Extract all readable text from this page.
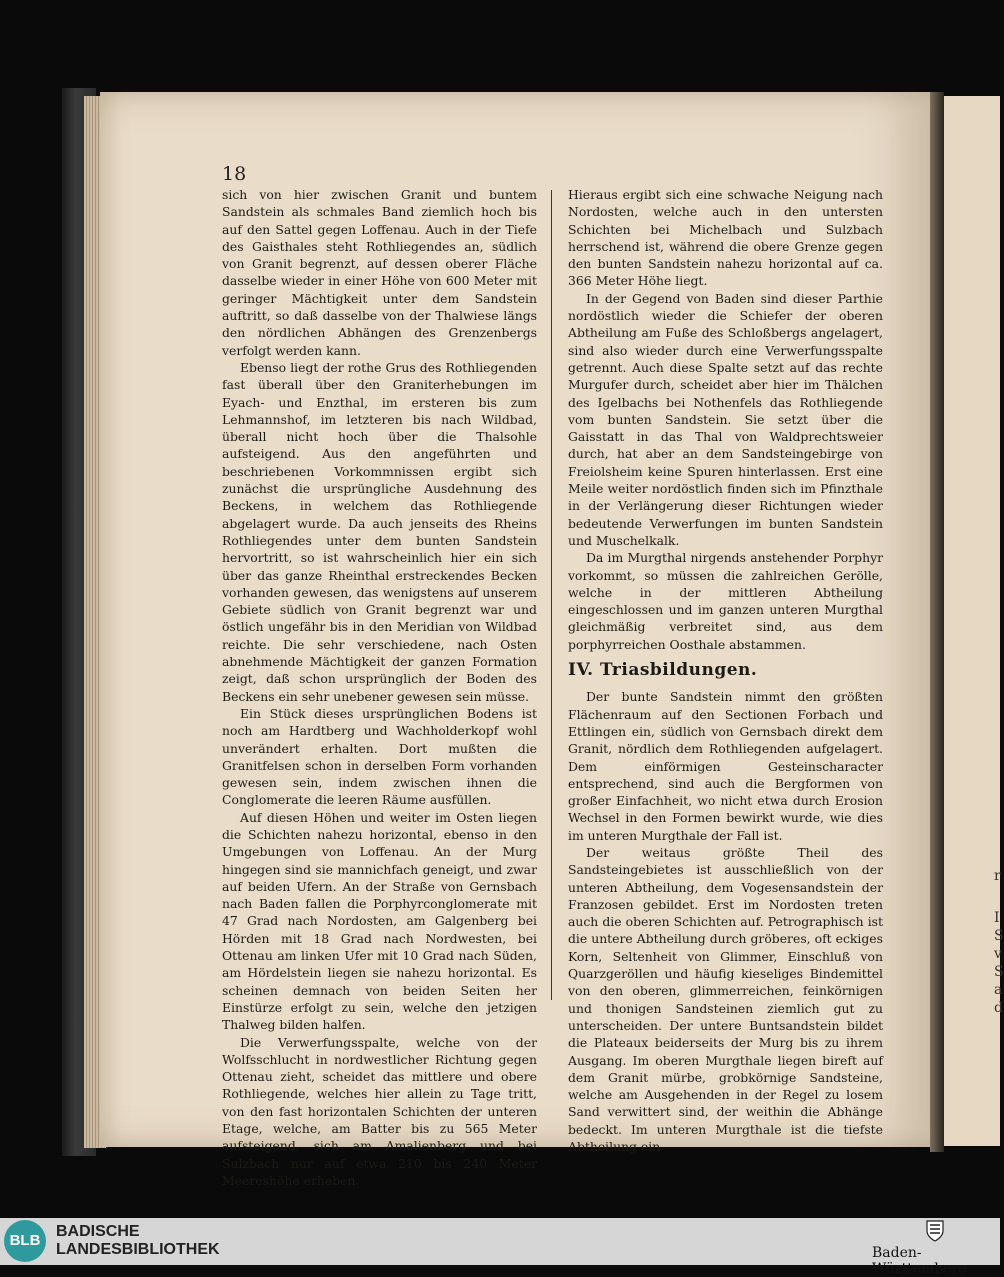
r
I
S
v
S
a
d
18

sich von hier zwischen Granit und buntem Sandstein als schmales Band ziemlich hoch bis auf den Sattel gegen Loffenau. Auch in der Tiefe des Gaisthales steht Rothliegendes an, südlich von Granit begrenzt, auf dessen oberer Fläche dasselbe wieder in einer Höhe von 600 Meter mit geringer Mächtigkeit unter dem Sandstein auftritt, so daß dasselbe von der Thalwiese längs den nördlichen Abhängen des Grenzenbergs verfolgt werden kann.

Ebenso liegt der rothe Grus des Rothliegenden fast überall über den Graniterhebungen im Eyach- und Enzthal, im ersteren bis zum Lehmannshof, im letzteren bis nach Wildbad, überall nicht hoch über die Thalsohle aufsteigend. Aus den angeführten und beschriebenen Vorkommnissen ergibt sich zunächst die ursprüngliche Ausdehnung des Beckens, in welchem das Rothliegende abgelagert wurde. Da auch jenseits des Rheins Rothliegendes unter dem bunten Sandstein hervortritt, so ist wahrscheinlich hier ein sich über das ganze Rheinthal erstreckendes Becken vorhanden gewesen, das wenigstens auf unserem Gebiete südlich von Granit begrenzt war und östlich ungefähr bis in den Meridian von Wildbad reichte. Die sehr verschiedene, nach Osten abnehmende Mächtigkeit der ganzen Formation zeigt, daß schon ursprünglich der Boden des Beckens ein sehr unebener gewesen sein müsse.

Ein Stück dieses ursprünglichen Bodens ist noch am Hardtberg und Wachholderkopf wohl unverändert erhalten. Dort mußten die Granitfelsen schon in derselben Form vorhanden gewesen sein, indem zwischen ihnen die Conglomerate die leeren Räume ausfüllen.

Auf diesen Höhen und weiter im Osten liegen die Schichten nahezu horizontal, ebenso in den Umgebungen von Loffenau. An der Murg hingegen sind sie mannichfach geneigt, und zwar auf beiden Ufern. An der Straße von Gernsbach nach Baden fallen die Porphyrconglomerate mit 47 Grad nach Nordosten, am Galgenberg bei Hörden mit 18 Grad nach Nordwesten, bei Ottenau am linken Ufer mit 10 Grad nach Süden, am Hördelstein liegen sie nahezu horizontal. Es scheinen demnach von beiden Seiten her Einstürze erfolgt zu sein, welche den jetzigen Thalweg bilden halfen.

Die Verwerfungsspalte, welche von der Wolfsschlucht in nordwestlicher Richtung gegen Ottenau zieht, scheidet das mittlere und obere Rothliegende, welches hier allein zu Tage tritt, von den fast horizontalen Schichten der unteren Etage, welche, am Batter bis zu 565 Meter aufsteigend, sich am Amalienberg und bei Sulzbach nur auf etwa 210 bis 240 Meter Meereshöhe erheben.

Hieraus ergibt sich eine schwache Neigung nach Nordosten, welche auch in den untersten Schichten bei Michelbach und Sulzbach herrschend ist, während die obere Grenze gegen den bunten Sandstein nahezu horizontal auf ca. 366 Meter Höhe liegt.

In der Gegend von Baden sind dieser Parthie nordöstlich wieder die Schiefer der oberen Abtheilung am Fuße des Schloßbergs angelagert, sind also wieder durch eine Verwerfungsspalte getrennt. Auch diese Spalte setzt auf das rechte Murgufer durch, scheidet aber hier im Thälchen des Igelbachs bei Nothenfels das Rothliegende vom bunten Sandstein. Sie setzt über die Gaisstatt in das Thal von Waldprechtsweier durch, hat aber an dem Sandsteingebirge von Freiolsheim keine Spuren hinterlassen. Erst eine Meile weiter nordöstlich finden sich im Pfinzthale in der Verlängerung dieser Richtungen wieder bedeutende Verwerfungen im bunten Sandstein und Muschelkalk.

Da im Murgthal nirgends anstehender Porphyr vorkommt, so müssen die zahlreichen Gerölle, welche in der mittleren Abtheilung eingeschlossen und im ganzen unteren Murgthal gleichmäßig verbreitet sind, aus dem porphyrreichen Oosthale abstammen.

IV. Triasbildungen.

Der bunte Sandstein nimmt den größten Flächenraum auf den Sectionen Forbach und Ettlingen ein, südlich von Gernsbach direkt dem Granit, nördlich dem Rothliegenden aufgelagert. Dem einförmigen Gesteinscharacter entsprechend, sind auch die Bergformen von großer Einfachheit, wo nicht etwa durch Erosion Wechsel in den Formen bewirkt wurde, wie dies im unteren Murgthale der Fall ist.

Der weitaus größte Theil des Sandsteingebietes ist ausschließlich von der unteren Abtheilung, dem Vogesensandstein der Franzosen gebildet. Erst im Nordosten treten auch die oberen Schichten auf. Petrographisch ist die untere Abtheilung durch gröberes, oft eckiges Korn, Seltenheit von Glimmer, Einschluß von Quarzgeröllen und häufig kieseliges Bindemittel von den oberen, glimmerreichen, feinkörnigen und thonigen Sandsteinen ziemlich gut zu unterscheiden. Der untere Buntsandstein bildet die Plateaux beiderseits der Murg bis zu ihrem Ausgang. Im oberen Murgthale liegen bireft auf dem Granit mürbe, grobkörnige Sandsteine, welche am Ausgehenden in der Regel zu losem Sand verwittert sind, der weithin die Abhänge bedeckt. Im unteren Murgthale ist die tiefste Abtheilung ein

BLB
BADISCHE
LANDESBIBLIOTHEK	Baden-Württemberg
